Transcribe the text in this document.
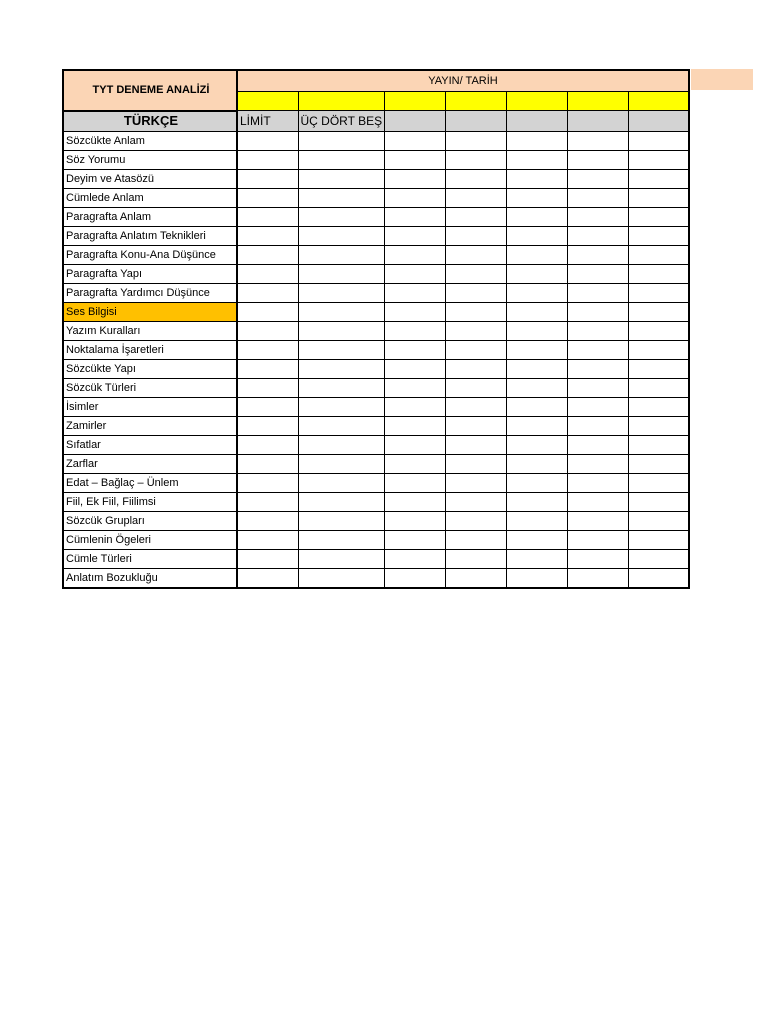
TYT DENEME ANALİZİ	YAYIN/ TARİH						

TÜRKÇE	LİMİT	ÜÇ DÖRT BEŞ					
Sözcükte Anlam							
Söz Yorumu							
Deyim ve Atasözü							
Cümlede Anlam							
Paragrafta Anlam							
Paragrafta Anlatım Teknikleri							
Paragrafta Konu-Ana Düşünce							
Paragrafta Yapı							
Paragrafta Yardımcı Düşünce							
Ses Bilgisi							
Yazım Kuralları							
Noktalama İşaretleri							
Sözcükte Yapı							
Sözcük Türleri							
İsimler							
Zamirler							
Sıfatlar							
Zarflar							
Edat – Bağlaç – Ünlem							
Fiil, Ek Fiil, Fiilimsi							
Sözcük Grupları							
Cümlenin Ögeleri							
Cümle Türleri							
Anlatım Bozukluğu							
